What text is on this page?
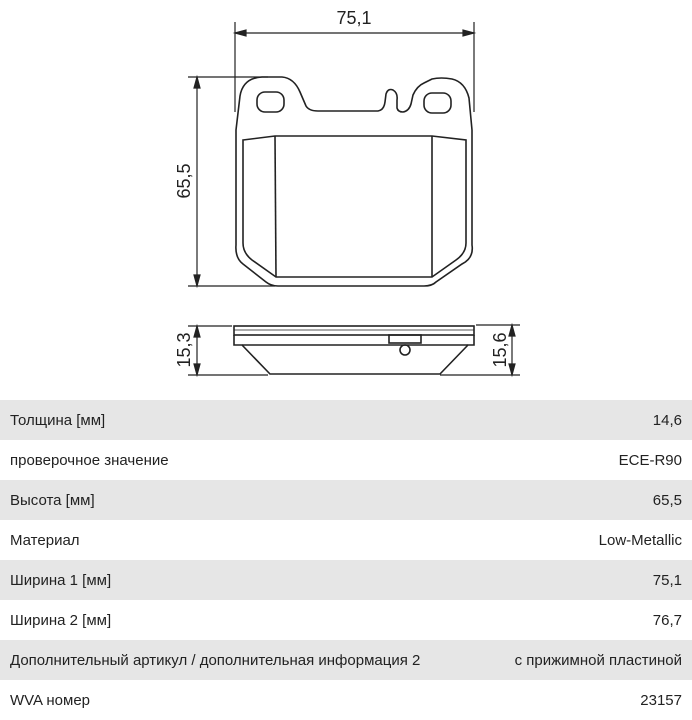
75,1
65,5
15,3	15,6
Толщина [мм]	14,6
проверочное значение	ECE-R90
Высота [мм]	65,5
Материал	Low-Metallic
Ширина 1 [мм]	75,1
Ширина 2 [мм]	76,7
Дополнительный артикул / дополнительная информация 2	с прижимной пластиной
WVA номер	23157
